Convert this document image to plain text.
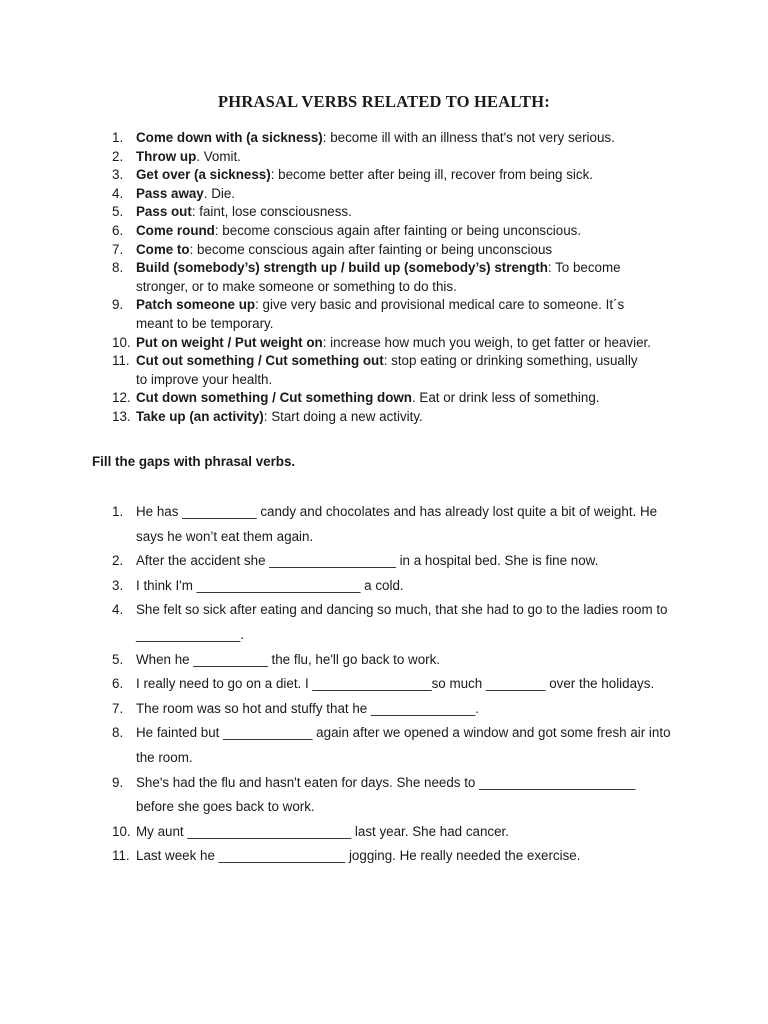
PHRASAL VERBS RELATED TO HEALTH:
1. Come down with (a sickness): become ill with an illness that's not very serious.
2. Throw up. Vomit.
3. Get over (a sickness): become better after being ill, recover from being sick.
4. Pass away. Die.
5. Pass out: faint, lose consciousness.
6. Come round: become conscious again after fainting or being unconscious.
7. Come to: become conscious again after fainting or being unconscious
8. Build (somebody’s) strength up / build up (somebody’s) strength: To become stronger, or to make someone or something to do this.
9. Patch someone up: give very basic and provisional medical care to someone. It´s meant to be temporary.
10. Put on weight / Put weight on: increase how much you weigh, to get fatter or heavier.
11. Cut out something / Cut something out: stop eating or drinking something, usually to improve your health.
12. Cut down something / Cut something down. Eat or drink less of something.
13. Take up (an activity): Start doing a new activity.
Fill the gaps with phrasal verbs.
1. He has __________ candy and chocolates and has already lost quite a bit of weight. He says he won’t eat them again.
2. After the accident she _________________ in a hospital bed. She is fine now.
3. I think I'm ______________________ a cold.
4. She felt so sick after eating and dancing so much, that she had to go to the ladies room to ______________.
5. When he __________ the flu, he'll go back to work.
6. I really need to go on a diet. I ________________so much ________ over the holidays.
7. The room was so hot and stuffy that he ______________.
8. He fainted but ____________ again after we opened a window and got some fresh air into the room.
9. She's had the flu and hasn't eaten for days. She needs to _____________________ before she goes back to work.
10. My aunt ______________________ last year. She had cancer.
11. Last week he _________________ jogging. He really needed the exercise.
